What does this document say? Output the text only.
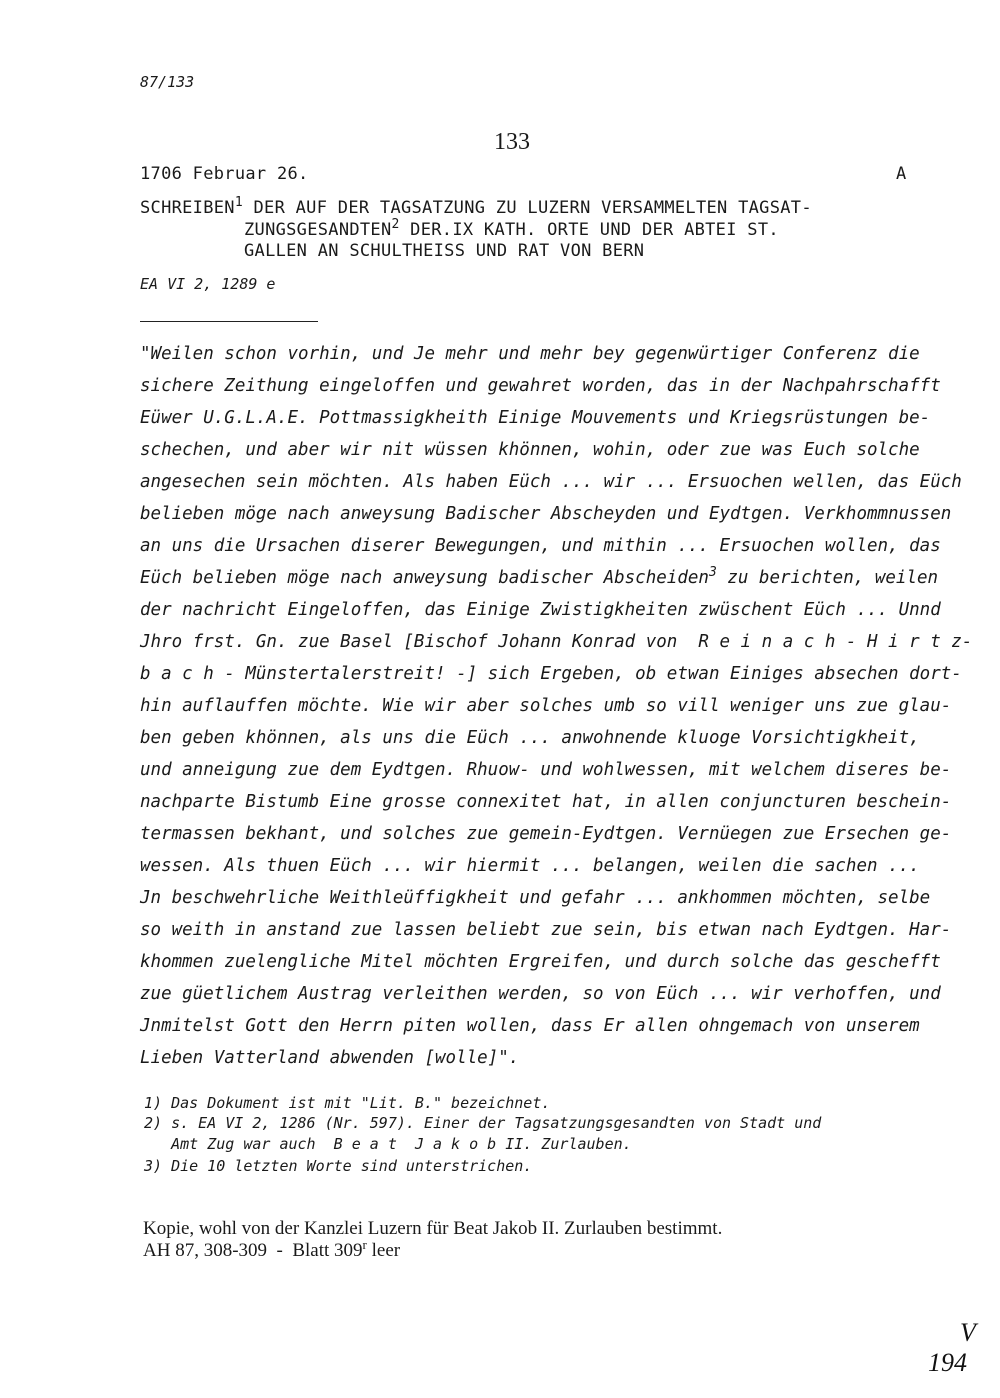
87/133
133
1706 Februar 26.	A
SCHREIBEN$^1$ DER AUF DER TAGSATZUNG ZU LUZERN VERSAMMELTEN TAGSAT-
ZUNGSGESANDTEN$^2$ DER.IX KATH. ORTE UND DER ABTEI ST.
GALLEN AN SCHULTHEISS UND RAT VON BERN
EA VI 2, 1289 e
"Weilen schon vorhin, und Je mehr und mehr bey gegenwürtiger Conferenz die
sichere Zeithung eingeloffen und gewahret worden, das in der Nachpahrschafft
Eüwer U.G.L.A.E. Pottmassigkheith Einige Mouvements und Kriegsrüstungen be-
schechen, und aber wir nit wüssen khönnen, wohin, oder zue was Euch solche
angesechen sein möchten. Als haben Eüch ... wir ... Ersuochen wellen, das Eüch
belieben möge nach anweysung Badischer Abscheyden und Eydtgen. Verkhommnussen
an uns die Ursachen diserer Bewegungen, und mithin ... Ersuochen wollen, das
Eüch belieben möge nach anweysung badischer Abscheiden$^3$ zu berichten, weilen
der nachricht Eingeloffen, das Einige Zwistigkheiten zwüschent Eüch ... Unnd
Jhro frst. Gn. zue Basel [Bischof Johann Konrad von  R e i n a c h - H i r t z-
b a c h - Münstertalerstreit! -] sich Ergeben, ob etwan Einiges absechen dort-
hin auflauffen möchte. Wie wir aber solches umb so vill weniger uns zue glau-
ben geben khönnen, als uns die Eüch ... anwohnende kluoge Vorsichtigkheit,
und anneigung zue dem Eydtgen. Rhuow- und wohlwessen, mit welchem diseres be-
nachparte Bistumb Eine grosse connexitet hat, in allen conjuncturen beschein-
termassen bekhant, und solches zue gemein-Eydtgen. Vernüegen zue Ersechen ge-
wessen. Als thuen Eüch ... wir hiermit ... belangen, weilen die sachen ...
Jn beschwehrliche Weithleüffigkheit und gefahr ... ankhommen möchten, selbe
so weith in anstand zue lassen beliebt zue sein, bis etwan nach Eydtgen. Har-
khommen zuelengliche Mitel möchten Ergreifen, und durch solche das geschefft
zue güetlichem Austrag verleithen werden, so von Eüch ... wir verhoffen, und
Jnmitelst Gott den Herrn piten wollen, dass Er allen ohngemach von unserem
Lieben Vatterland abwenden [wolle]".
1) Das Dokument ist mit "Lit. B." bezeichnet.
2) s. EA VI 2, 1286 (Nr. 597). Einer der Tagsatzungsgesandten von Stadt und
Amt Zug war auch  B e a t  J a k o b II. Zurlauben.
3) Die 10 letzten Worte sind unterstrichen.
Kopie, wohl von der Kanzlei Luzern für Beat Jakob II. Zurlauben bestimmt.
AH 87, 308-309  -  Blatt 309$^r$ leer
V
194
